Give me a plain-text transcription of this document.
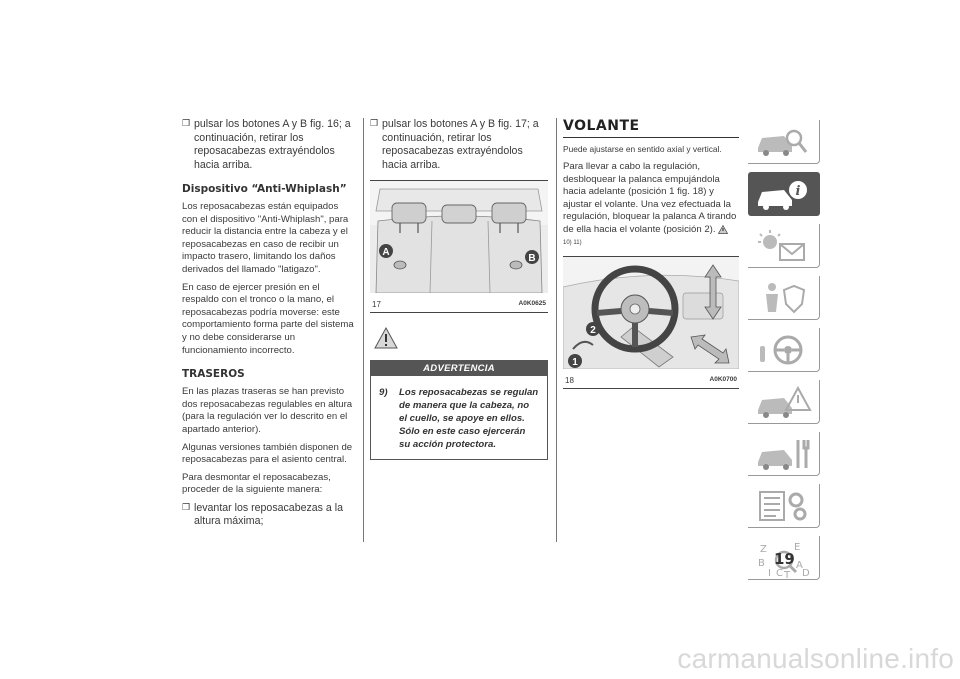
❒ pulsar los botones A y B fig. 16; a continuación, retirar los reposacabezas extrayéndolos hacia arriba.
Dispositivo “Anti-Whiplash”

Los reposacabezas están equipados con el dispositivo "Anti-Whiplash", para reducir la distancia entre la cabeza y el reposacabezas en caso de recibir un impacto trasero, limitando los daños derivados del llamado "latigazo".

En caso de ejercer presión en el respaldo con el tronco o la mano, el reposacabezas podría moverse: este comportamiento forma parte del sistema y no debe considerarse un funcionamiento incorrecto.

TRASEROS

En las plazas traseras se han previsto dos reposacabezas regulables en altura (para la regulación ver lo descrito en el apartado anterior).

Algunas versiones también disponen de reposacabezas para el asiento central.

Para desmontar el reposacabezas, proceder de la siguiente manera:

❒ levantar los reposacabezas a la altura máxima;
❒ pulsar los botones A y B fig. 17; a continuación, retirar los reposacabezas extrayéndolos hacia arriba.
A
B
17	A0K0625
ADVERTENCIA
9)	Los reposacabezas se regulan de manera que la cabeza, no el cuello, se apoye en ellos. Sólo en este caso ejercerán su acción protectora.
VOLANTE

Puede ajustarse en sentido axial y vertical.

Para llevar a cabo la regulación, desbloquear la palanca empujándola hacia adelante (posición 1 fig. 18) y ajustar el volante. Una vez efectuada la regulación, bloquear la palanca A tirando de ella hacia el volante (posición 2).  10) 11)

2
1
18	A0K0700
i
Z	E
B	A
D
I C T
19
carmanualsonline.info
